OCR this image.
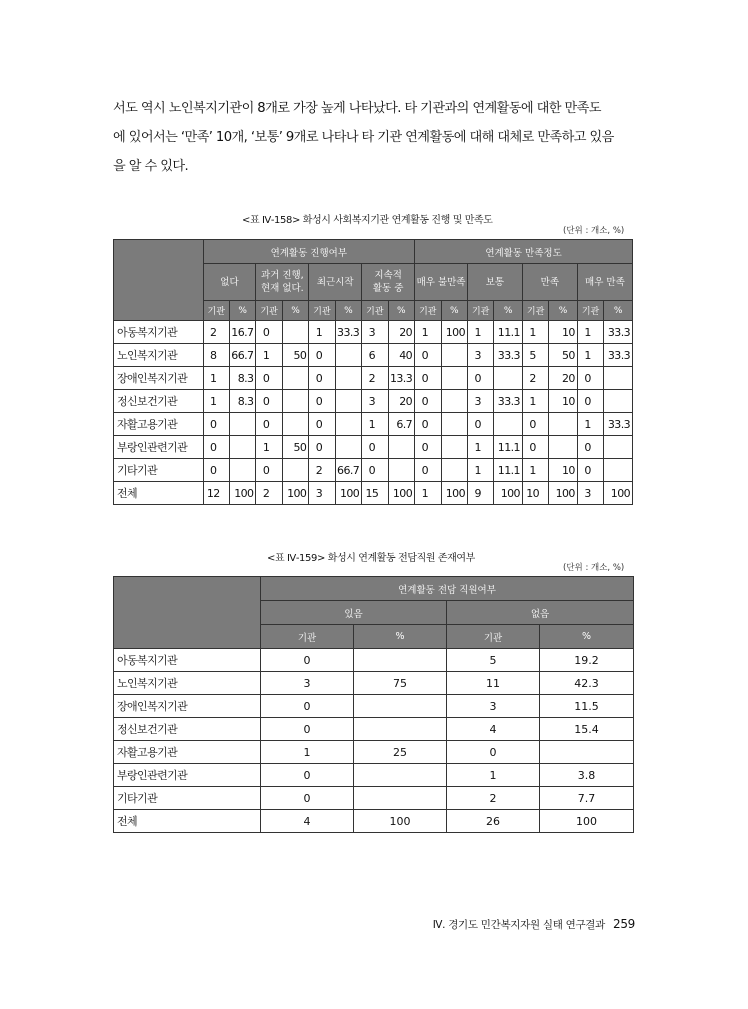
서도 역시 노인복지기관이 8개로 가장 높게 나타났다. 타 기관과의 연계활동에 대한 만족도
에 있어서는 ‘만족’ 10개, ‘보통’ 9개로 나타나 타 기관 연계활동에 대해 대체로 만족하고 있음
을 알 수 있다.
<표 Ⅳ-158> 화성시 사회복지기관 연계활동 진행 및 만족도
(단위 : 개소, %)
	연계활동 진행여부								연계활동 만족정도							
	없다		과거 진행,
현재 없다.		최근시작		지속적
활동 중		매우 불만족		보통		만족		매우 만족	
	기관	%	기관	%	기관	%	기관	%	기관	%	기관	%	기관	%	기관	%
아동복지기관	2	16.7	0		1	33.3	3	20	1	100	1	11.1	1	10	1	33.3
노인복지기관	8	66.7	1	50	0		6	40	0		3	33.3	5	50	1	33.3
장애인복지기관	1	8.3	0		0		2	13.3	0		0		2	20	0	
정신보건기관	1	8.3	0		0		3	20	0		3	33.3	1	10	0	
자활고용기관	0		0		0		1	6.7	0		0		0		1	33.3
부랑인관련기관	0		1	50	0		0		0		1	11.1	0		0	
기타기관	0		0		2	66.7	0		0		1	11.1	1	10	0	
전체	12	100	2	100	3	100	15	100	1	100	9	100	10	100	3	100
<표 Ⅳ-159> 화성시 연계활동 전담직원 존재여부
(단위 : 개소, %)
	연계활동 전담 직원여부			
	있음		없음	
	기관	%	기관	%
아동복지기관	0		5	19.2
노인복지기관	3	75	11	42.3
장애인복지기관	0		3	11.5
정신보건기관	0		4	15.4
자활고용기관	1	25	0	
부랑인관련기관	0		1	3.8
기타기관	0		2	7.7
전체	4	100	26	100
Ⅳ. 경기도 민간복지자원 실태 연구결과 259
